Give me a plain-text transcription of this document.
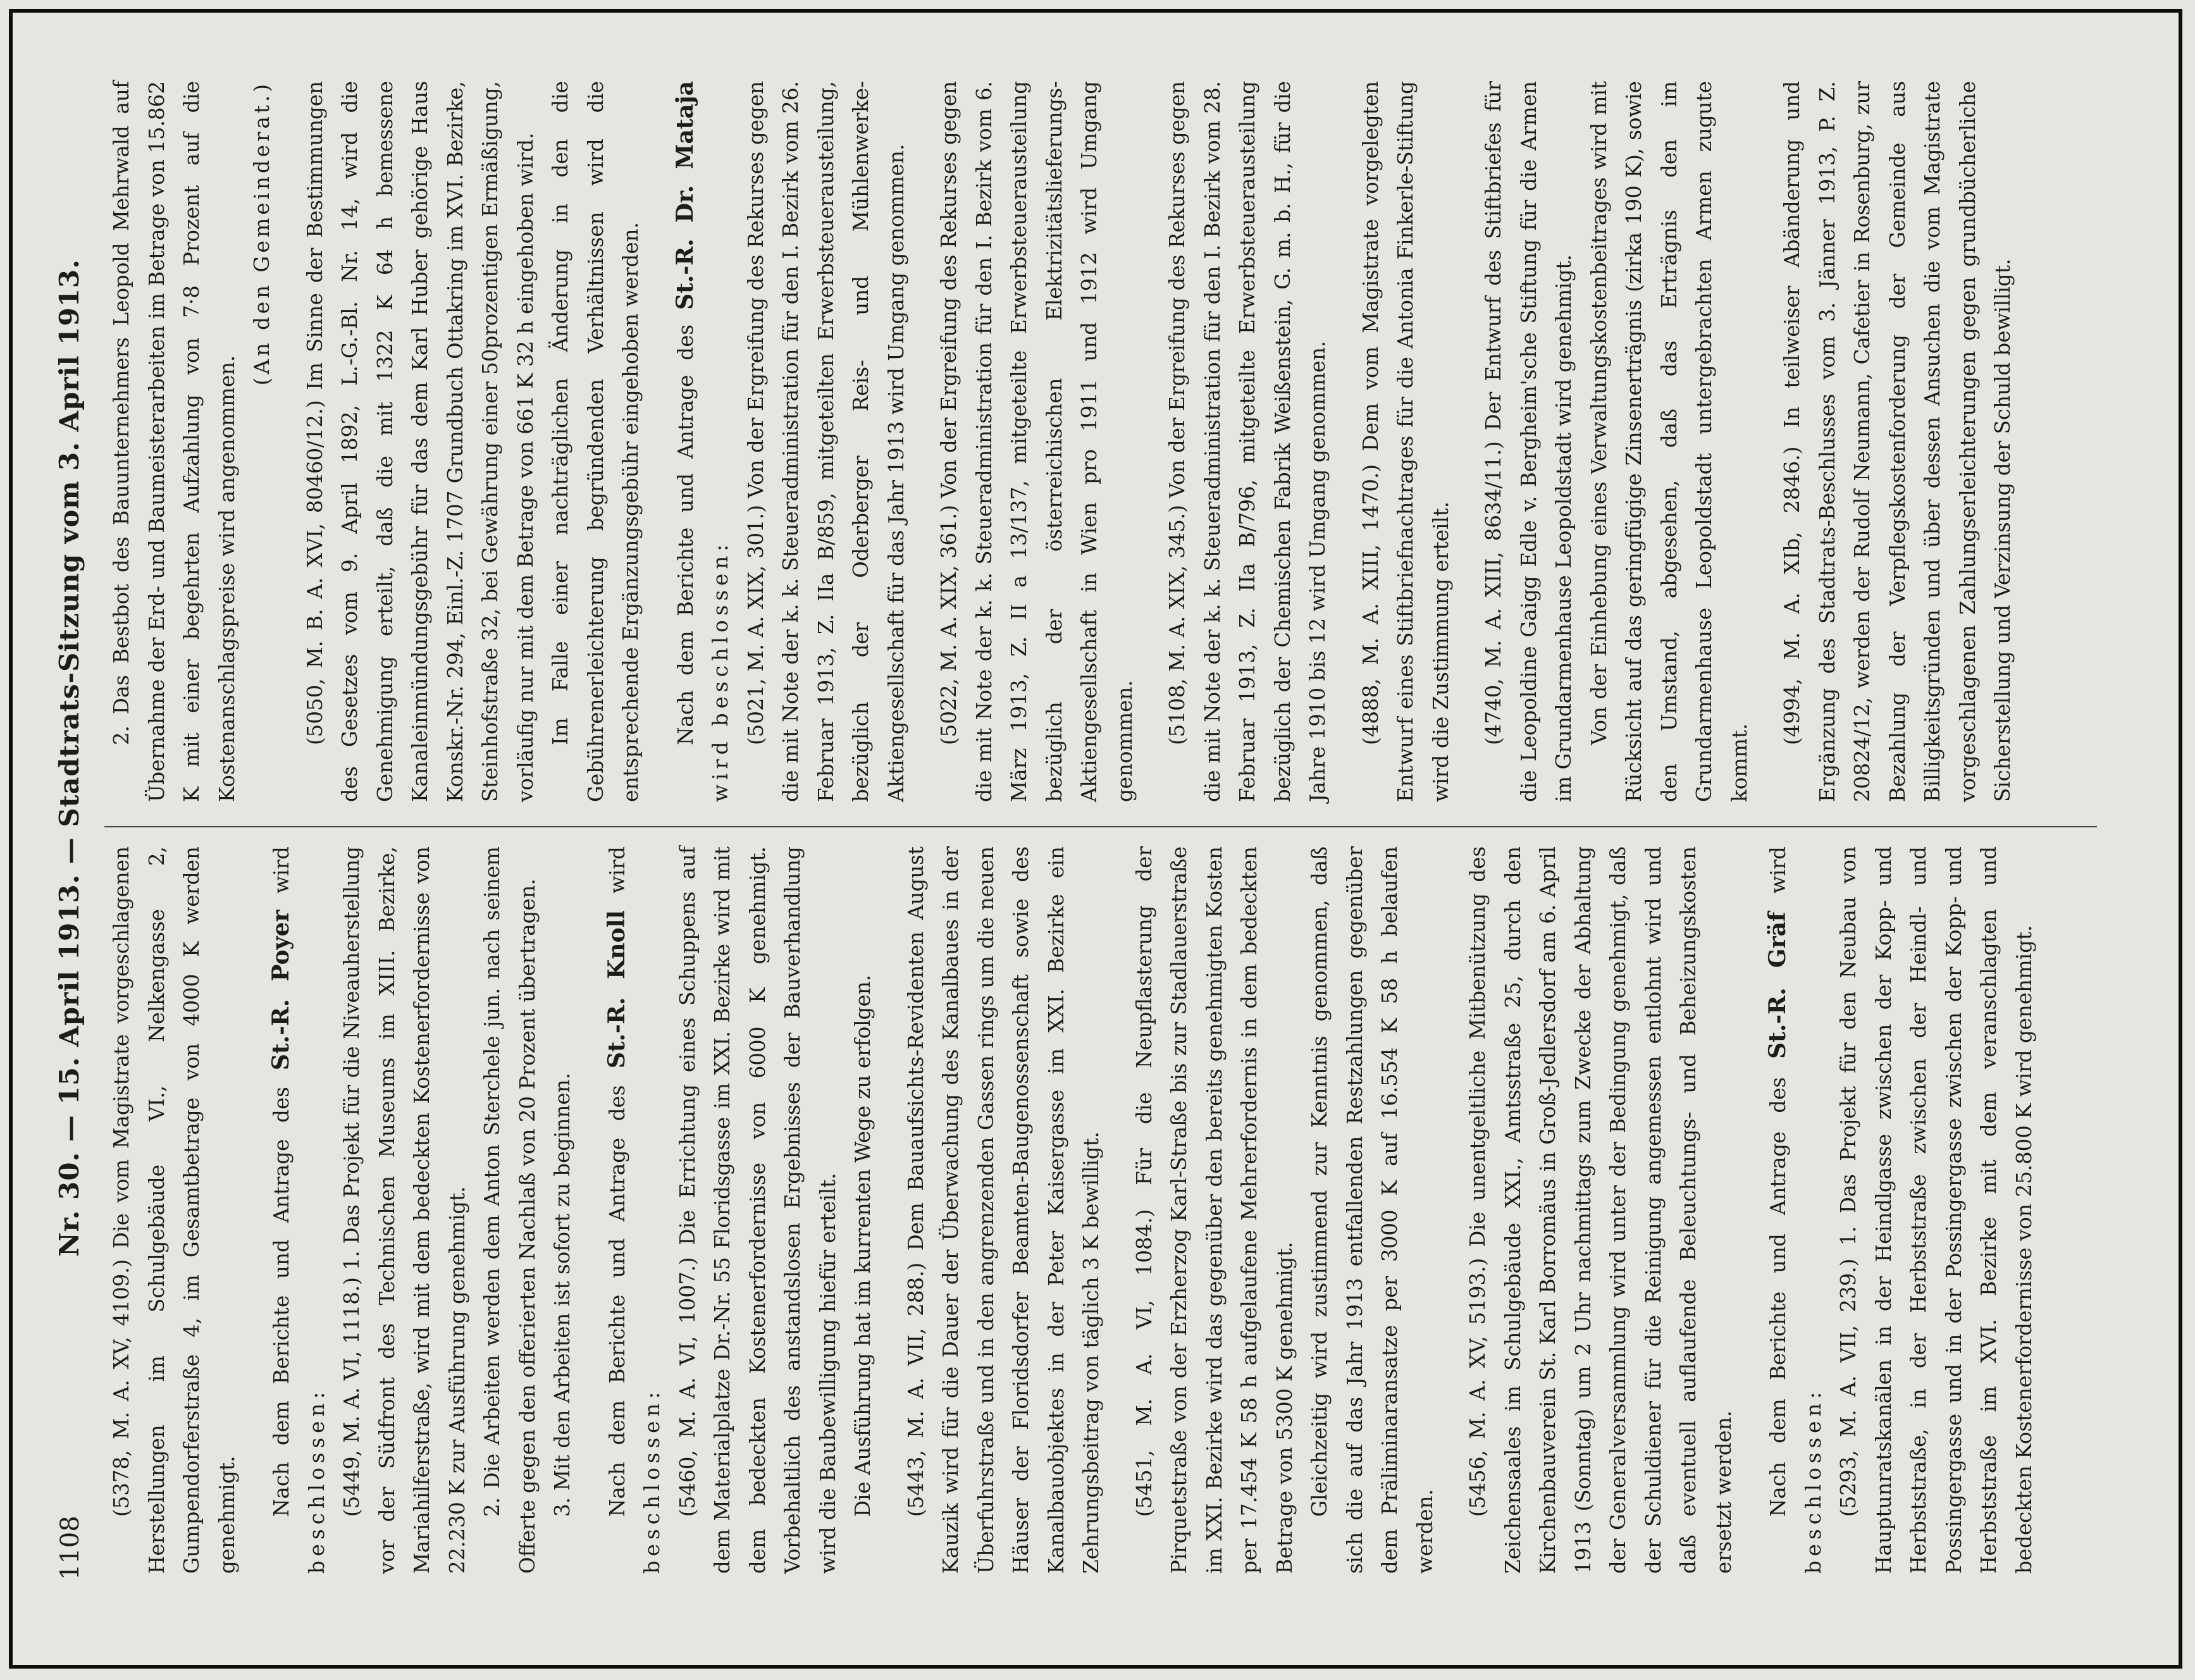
1108
Nr. 30. — 15. April 1913. — Stadtrats-Sitzung vom 3. April 1913. (5378, M. A. XV, 4109.) Die vom Magistrate vorgeschlagenen Herstellungen im Schulgebäude VI., Nelkengasse 2, Gumpendorferstraße 4, im Gesamtbetrage von 4000 K werden genehmigt. Nach dem Berichte und Antrage des St.-R. Poyer wird beschlossen: (5449, M. A. VI, 1118.) 1. Das Projekt für die Niveauherstellung vor der Südfront des Technischen Museums im XIII. Bezirke, Mariahilferstraße, wird mit dem bedeckten Kostenerfordernisse von 22.230 K zur Ausführung genehmigt. 2. Die Arbeiten werden dem Anton Sterchele jun. nach seinem Offerte gegen den offerierten Nachlaß von 20 Prozent übertragen. 3. Mit den Arbeiten ist sofort zu beginnen. Nach dem Berichte und Antrage des St.-R. Knoll wird beschlossen: (5460, M. A. VI, 1007.) Die Errichtung eines Schuppens auf dem Materialplatze Dr.-Nr. 55 Floridsgasse im XXI. Bezirke wird mit dem bedeckten Kostenerfordernisse von 6000 K genehmigt. Vorbehaltlich des anstandslosen Ergebnisses der Bauverhandlung wird die Baubewilligung hiefür erteilt. Die Ausführung hat im kurrenten Wege zu erfolgen. (5443, M. A. VII, 288.) Dem Bauaufsichts-Revidenten August Kauzik wird für die Dauer der Überwachung des Kanalbaues in der Überfuhrstraße und in den angrenzenden Gassen rings um die neuen Häuser der Floridsdorfer Beamten-Baugenossenschaft sowie des Kanalbauobjektes in der Peter Kaisergasse im XXI. Bezirke ein Zehrungsbeitrag von täglich 3 K bewilligt. (5451, M. A. VI, 1084.) Für die Neupflasterung der Pirquetstraße von der Erzherzog Karl-Straße bis zur Stadlauerstraße im XXI. Bezirke wird das gegenüber den bereits genehmigten Kosten per 17.454 K 58 h aufgelaufene Mehrerfordernis in dem bedeckten Betrage von 5300 K genehmigt. Gleichzeitig wird zustimmend zur Kenntnis genommen, daß sich die auf das Jahr 1913 entfallenden Restzahlungen gegenüber dem Präliminaransatze per 3000 K auf 16.554 K 58 h belaufen werden.

(5456, M. A. XV, 5193.) Die unentgeltliche Mitbenützung des Zeichensaales im Schulgebäude XXI., Amtsstraße 25, durch den Kirchenbauverein St. Karl Borromäus in Groß-Jedlersdorf am 6. April 1913 (Sonntag) um 2 Uhr nachmittags zum Zwecke der Abhaltung der Generalversammlung wird unter der Bedingung genehmigt, daß der Schuldiener für die Reinigung angemessen entlohnt wird und daß eventuell auflaufende Beleuchtungs- und Beheizungskosten ersetzt werden. Nach dem Berichte und Antrage des St.-R. Gräf wird beschlossen: (5293, M. A. VII, 239.) 1. Das Projekt für den Neubau von Hauptunratskanälen in der Heindlgasse zwischen der Kopp- und Herbststraße, in der Herbststraße zwischen der Heindl- und Possingergasse und in der Possingergasse zwischen der Kopp- und Herbststraße im XVI. Bezirke mit dem veranschlagten und bedeckten Kostenerfordernisse von 25.800 K wird genehmigt.

2. Das Bestbot des Bauunternehmers Leopold Mehrwald auf Übernahme der Erd- und Baumeisterarbeiten im Betrage von 15.862 K mit einer begehrten Aufzahlung von 7·8 Prozent auf die Kostenanschlagspreise wird angenommen.

(An den Gemeinderat.) (5050, M. B. A. XVI, 80460/12.) Im Sinne der Bestimmungen des Gesetzes vom 9. April 1892, L.-G.-Bl. Nr. 14, wird die Genehmigung erteilt, daß die mit 1322 K 64 h bemessene Kanaleinmündungsgebühr für das dem Karl Huber gehörige Haus Konskr.-Nr. 294, Einl.-Z. 1707 Grundbuch Ottakring im XVI. Bezirke, Steinhofstraße 32, bei Gewährung einer 50prozentigen Ermäßigung, vorläufig nur mit dem Betrage von 661 K 32 h eingehoben wird. Im Falle einer nachträglichen Änderung in den die Gebührenerleichterung begründenden Verhältnissen wird die entsprechende Ergänzungsgebühr eingehoben werden. Nach dem Berichte und Antrage des St.-R. Dr. Mataja wird beschlossen: (5021, M. A. XIX, 301.) Von der Ergreifung des Rekurses gegen die mit Note der k. k. Steueradministration für den I. Bezirk vom 26. Februar 1913, Z. IIa B/859, mitgeteilten Erwerbsteuerausteilung, bezüglich der Oderberger Reis- und Mühlenwerke-Aktiengesellschaft für das Jahr 1913 wird Umgang genommen. (5022, M. A. XIX, 361.) Von der Ergreifung des Rekurses gegen die mit Note der k. k. Steueradministration für den I. Bezirk vom 6. März 1913, Z. II a 13/137, mitgeteilte Erwerbsteuerausteilung bezüglich der österreichischen Elektrizitätslieferungs-Aktiengesellschaft in Wien pro 1911 und 1912 wird Umgang genommen. (5108, M. A. XIX, 345.) Von der Ergreifung des Rekurses gegen die mit Note der k. k. Steueradministration für den I. Bezirk vom 28. Februar 1913, Z. IIa B/796, mitgeteilte Erwerbsteuerausteilung bezüglich der Chemischen Fabrik Weißenstein, G. m. b. H., für die Jahre 1910 bis 12 wird Umgang genommen. (4888, M. A. XIII, 1470.) Dem vom Magistrate vorgelegten Entwurf eines Stiftbriefnachtrages für die Antonia Finkerle-Stiftung wird die Zustimmung erteilt. (4740, M. A. XIII, 8634/11.) Der Entwurf des Stiftbriefes für die Leopoldine Gaigg Edle v. Bergheim'sche Stiftung für die Armen im Grundarmenhause Leopoldstadt wird genehmigt. Von der Einhebung eines Verwaltungskostenbeitrages wird mit Rücksicht auf das geringfügige Zinsenerträgnis (zirka 190 K), sowie den Umstand, abgesehen, daß das Erträgnis den im Grundarmenhause Leopoldstadt untergebrachten Armen zugute kommt.

(4994, M. A. XIb, 2846.) In teilweiser Abänderung und Ergänzung des Stadtrats-Beschlusses vom 3. Jänner 1913, P. Z. 20824/12, werden der Rudolf Neumann, Cafetier in Rosenburg, zur Bezahlung der Verpflegskostenforderung der Gemeinde aus Billigkeitsgründen und über dessen Ansuchen die vom Magistrate vorgeschlagenen Zahlungserleichterungen gegen grundbücherliche Sicherstellung und Verzinsung der Schuld bewilligt.
